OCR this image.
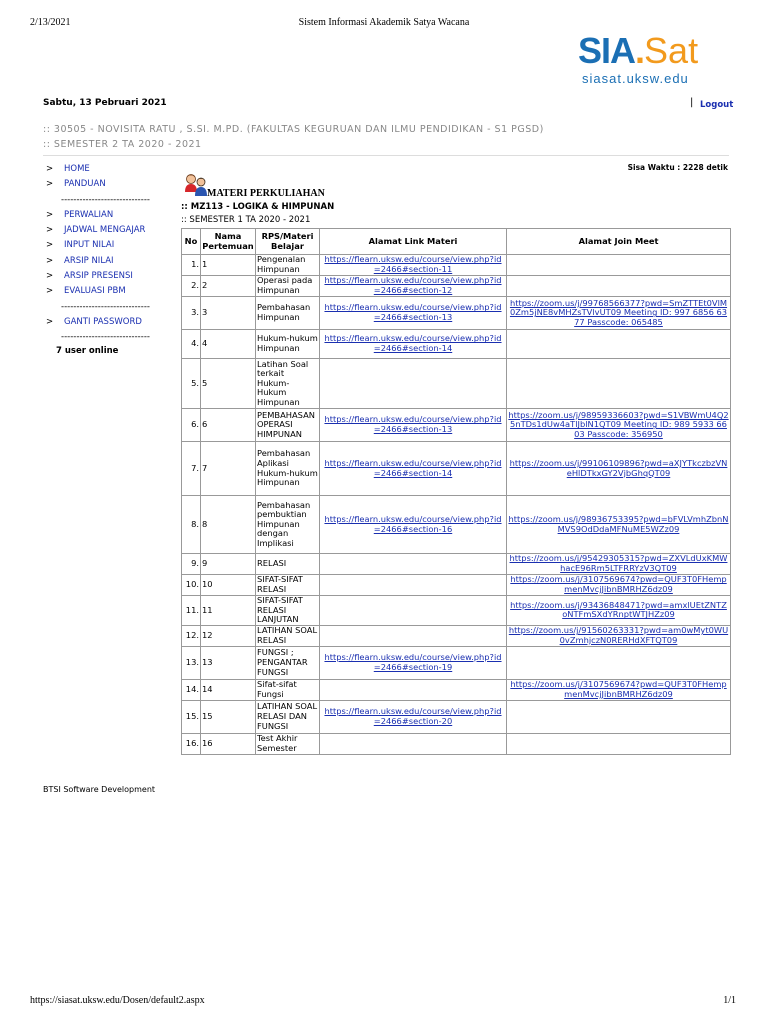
2/13/2021	Sistem Informasi Akademik Satya Wacana
SIA.Sat
siasat.uksw.edu
Sabtu, 13 Pebruari 2021	| Logout
:: 30505 - NOVISITA RATU , S.SI. M.PD. (FAKULTAS KEGURUAN DAN ILMU PENDIDIKAN - S1 PGSD)
:: SEMESTER 2 TA 2020 - 2021
Sisa Waktu : 2228 detik
> HOME
> PANDUAN
-----------------------------
> PERWALIAN
> JADWAL MENGAJAR
> INPUT NILAI
> ARSIP NILAI
> ARSIP PRESENSI
> EVALUASI PBM
-----------------------------
> GANTI PASSWORD
-----------------------------
7 user online
MATERI PERKULIAHAN
:: MZ113 - LOGIKA & HIMPUNAN
:: SEMESTER 1 TA 2020 - 2021
No	Nama Pertemuan	RPS/Materi Belajar	Alamat Link Materi	Alamat Join Meet
1.	1	Pengenalan Himpunan	https://flearn.uksw.edu/course/view.php?id=2466#section-11	
2.	2	Operasi pada Himpunan	https://flearn.uksw.edu/course/view.php?id=2466#section-12	
3.	3	Pembahasan Himpunan	https://flearn.uksw.edu/course/view.php?id=2466#section-13	https://zoom.us/j/99768566377?pwd=SmZTTEt0VlM0Zm5jNE8vMHZsTVlvUT09 Meeting ID: 997 6856 6377 Passcode: 065485
4.	4	Hukum-hukum Himpunan	https://flearn.uksw.edu/course/view.php?id=2466#section-14	
5.	5	Latihan Soal terkait Hukum-Hukum Himpunan		
6.	6	PEMBAHASAN OPERASI HIMPUNAN	https://flearn.uksw.edu/course/view.php?id=2466#section-13	https://zoom.us/j/98959336603?pwd=S1VBWmU4Q25nTDs1dUw4aTlJblN1QT09 Meeting ID: 989 5933 6603 Passcode: 356950
7.	7	Pembahasan Aplikasi Hukum-hukum Himpunan	https://flearn.uksw.edu/course/view.php?id=2466#section-14	https://zoom.us/j/99106109896?pwd=aXJYTkczbzVNeHlDTkxGY2VjbGhqQT09
8.	8	Pembahasan pembuktian Himpunan dengan Implikasi	https://flearn.uksw.edu/course/view.php?id=2466#section-16	https://zoom.us/j/98936753395?pwd=bFVLVmhZbnNMVS9OdDdaMFNuME5WZz09
9.	9	RELASI		https://zoom.us/j/95429305315?pwd=ZXVLdUxKMWhacE96Rm5LTFRRYzV3QT09
10.	10	SIFAT-SIFAT RELASI		https://zoom.us/j/3107569674?pwd=QUF3T0FHempmenMvcjJibnBMRHZ6dz09
11.	11	SIFAT-SIFAT RELASI LANJUTAN		https://zoom.us/j/93436848471?pwd=amxlUEtZNTZoNTFmSXdYRnptWTJHZz09
12.	12	LATIHAN SOAL RELASI		https://zoom.us/j/91560263331?pwd=am0wMyt0WU0vZmhjczN0RERHdXFTQT09
13.	13	FUNGSI ; PENGANTAR FUNGSI	https://flearn.uksw.edu/course/view.php?id=2466#section-19	
14.	14	Sifat-sifat Fungsi		https://zoom.us/j/3107569674?pwd=QUF3T0FHempmenMvcjJibnBMRHZ6dz09
15.	15	LATIHAN SOAL RELASI DAN FUNGSI	https://flearn.uksw.edu/course/view.php?id=2466#section-20	
16.	16	Test Akhir Semester		
BTSI Software Development
https://siasat.uksw.edu/Dosen/default2.aspx	1/1
